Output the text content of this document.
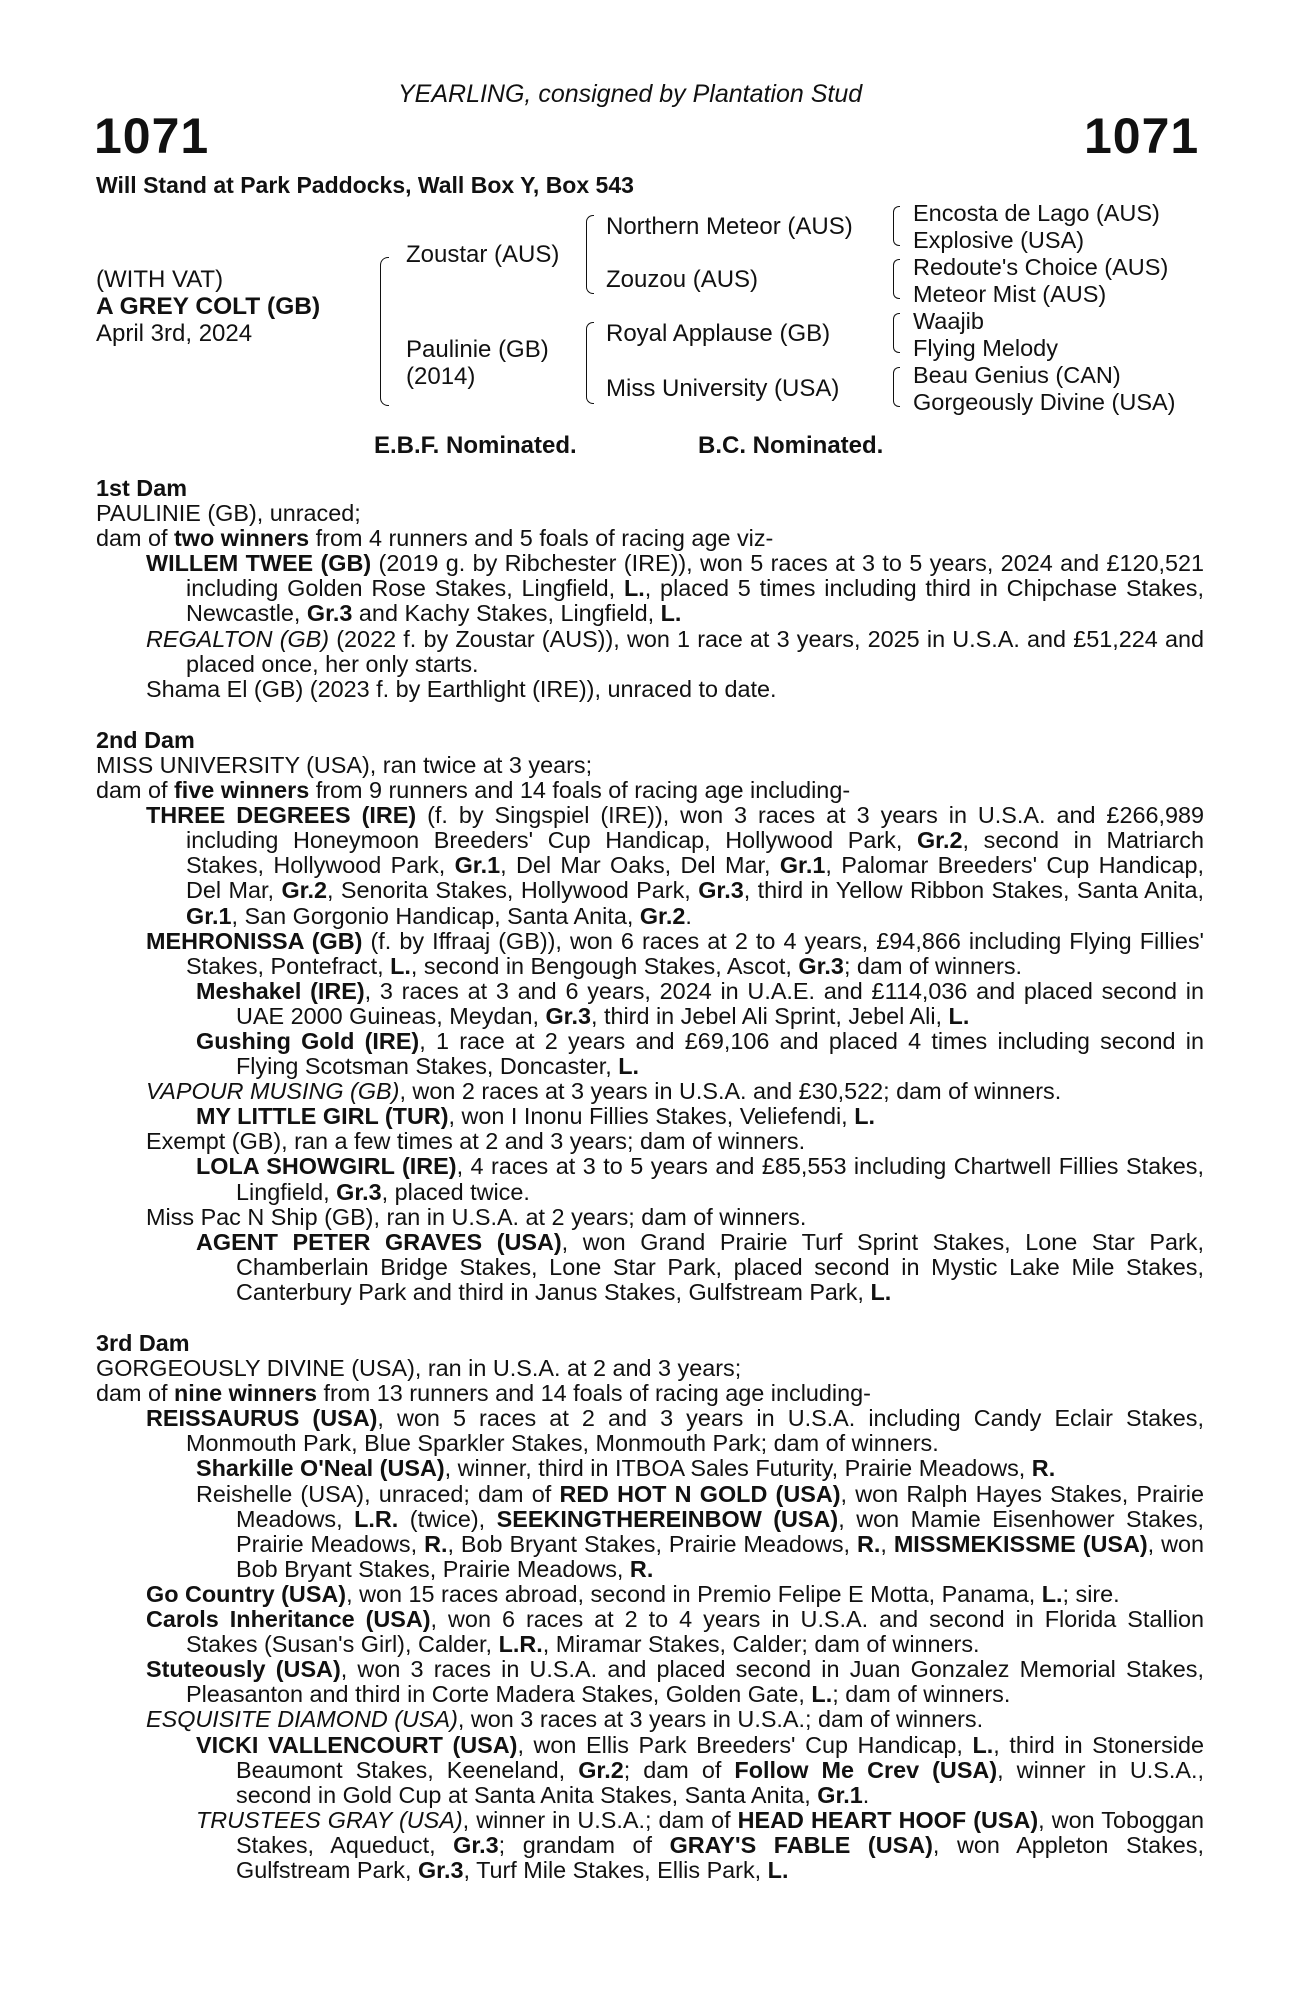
YEARLING, consigned by Plantation Stud
1071	1071
Will Stand at Park Paddocks, Wall Box Y, Box 543
(WITH VAT)
A GREY COLT (GB)
April 3rd, 2024
Zoustar (AUS)
Paulinie (GB)
(2014)
Northern Meteor (AUS)
Zouzou (AUS)
Royal Applause (GB)
Miss University (USA)
Encosta de Lago (AUS)
Explosive (USA)
Redoute's Choice (AUS)
Meteor Mist (AUS)
Waajib
Flying Melody
Beau Genius (CAN)
Gorgeously Divine (USA)
E.B.F. Nominated.	B.C. Nominated.
1st Dam
PAULINIE (GB), unraced;
dam of two winners from 4 runners and 5 foals of racing age viz-
WILLEM TWEE (GB) (2019 g. by Ribchester (IRE)), won 5 races at 3 to 5 years, 2024 and £120,521 including Golden Rose Stakes, Lingfield, L., placed 5 times including third in Chipchase Stakes, Newcastle, Gr.3 and Kachy Stakes, Lingfield, L.
REGALTON (GB) (2022 f. by Zoustar (AUS)), won 1 race at 3 years, 2025 in U.S.A. and £51,224 and placed once, her only starts.
Shama El (GB) (2023 f. by Earthlight (IRE)), unraced to date.
2nd Dam
MISS UNIVERSITY (USA), ran twice at 3 years;
dam of five winners from 9 runners and 14 foals of racing age including-
THREE DEGREES (IRE) (f. by Singspiel (IRE)), won 3 races at 3 years in U.S.A. and £266,989 including Honeymoon Breeders' Cup Handicap, Hollywood Park, Gr.2, second in Matriarch Stakes, Hollywood Park, Gr.1, Del Mar Oaks, Del Mar, Gr.1, Palomar Breeders' Cup Handicap, Del Mar, Gr.2, Senorita Stakes, Hollywood Park, Gr.3, third in Yellow Ribbon Stakes, Santa Anita, Gr.1, San Gorgonio Handicap, Santa Anita, Gr.2.
MEHRONISSA (GB) (f. by Iffraaj (GB)), won 6 races at 2 to 4 years, £94,866 including Flying Fillies' Stakes, Pontefract, L., second in Bengough Stakes, Ascot, Gr.3; dam of winners.
Meshakel (IRE), 3 races at 3 and 6 years, 2024 in U.A.E. and £114,036 and placed second in UAE 2000 Guineas, Meydan, Gr.3, third in Jebel Ali Sprint, Jebel Ali, L.
Gushing Gold (IRE), 1 race at 2 years and £69,106 and placed 4 times including second in Flying Scotsman Stakes, Doncaster, L.
VAPOUR MUSING (GB), won 2 races at 3 years in U.S.A. and £30,522; dam of winners.
MY LITTLE GIRL (TUR), won I Inonu Fillies Stakes, Veliefendi, L.
Exempt (GB), ran a few times at 2 and 3 years; dam of winners.
LOLA SHOWGIRL (IRE), 4 races at 3 to 5 years and £85,553 including Chartwell Fillies Stakes, Lingfield, Gr.3, placed twice.
Miss Pac N Ship (GB), ran in U.S.A. at 2 years; dam of winners.
AGENT PETER GRAVES (USA), won Grand Prairie Turf Sprint Stakes, Lone Star Park, Chamberlain Bridge Stakes, Lone Star Park, placed second in Mystic Lake Mile Stakes, Canterbury Park and third in Janus Stakes, Gulfstream Park, L.
3rd Dam
GORGEOUSLY DIVINE (USA), ran in U.S.A. at 2 and 3 years;
dam of nine winners from 13 runners and 14 foals of racing age including-
REISSAURUS (USA), won 5 races at 2 and 3 years in U.S.A. including Candy Eclair Stakes, Monmouth Park, Blue Sparkler Stakes, Monmouth Park; dam of winners.
Sharkille O'Neal (USA), winner, third in ITBOA Sales Futurity, Prairie Meadows, R.
Reishelle (USA), unraced; dam of RED HOT N GOLD (USA), won Ralph Hayes Stakes, Prairie Meadows, L.R. (twice), SEEKINGTHEREINBOW (USA), won Mamie Eisenhower Stakes, Prairie Meadows, R., Bob Bryant Stakes, Prairie Meadows, R., MISSMEKISSME (USA), won Bob Bryant Stakes, Prairie Meadows, R.
Go Country (USA), won 15 races abroad, second in Premio Felipe E Motta, Panama, L.; sire.
Carols Inheritance (USA), won 6 races at 2 to 4 years in U.S.A. and second in Florida Stallion Stakes (Susan's Girl), Calder, L.R., Miramar Stakes, Calder; dam of winners.
Stuteously (USA), won 3 races in U.S.A. and placed second in Juan Gonzalez Memorial Stakes, Pleasanton and third in Corte Madera Stakes, Golden Gate, L.; dam of winners.
ESQUISITE DIAMOND (USA), won 3 races at 3 years in U.S.A.; dam of winners.
VICKI VALLENCOURT (USA), won Ellis Park Breeders' Cup Handicap, L., third in Stonerside Beaumont Stakes, Keeneland, Gr.2; dam of Follow Me Crev (USA), winner in U.S.A., second in Gold Cup at Santa Anita Stakes, Santa Anita, Gr.1.
TRUSTEES GRAY (USA), winner in U.S.A.; dam of HEAD HEART HOOF (USA), won Toboggan Stakes, Aqueduct, Gr.3; grandam of GRAY'S FABLE (USA), won Appleton Stakes, Gulfstream Park, Gr.3, Turf Mile Stakes, Ellis Park, L.
